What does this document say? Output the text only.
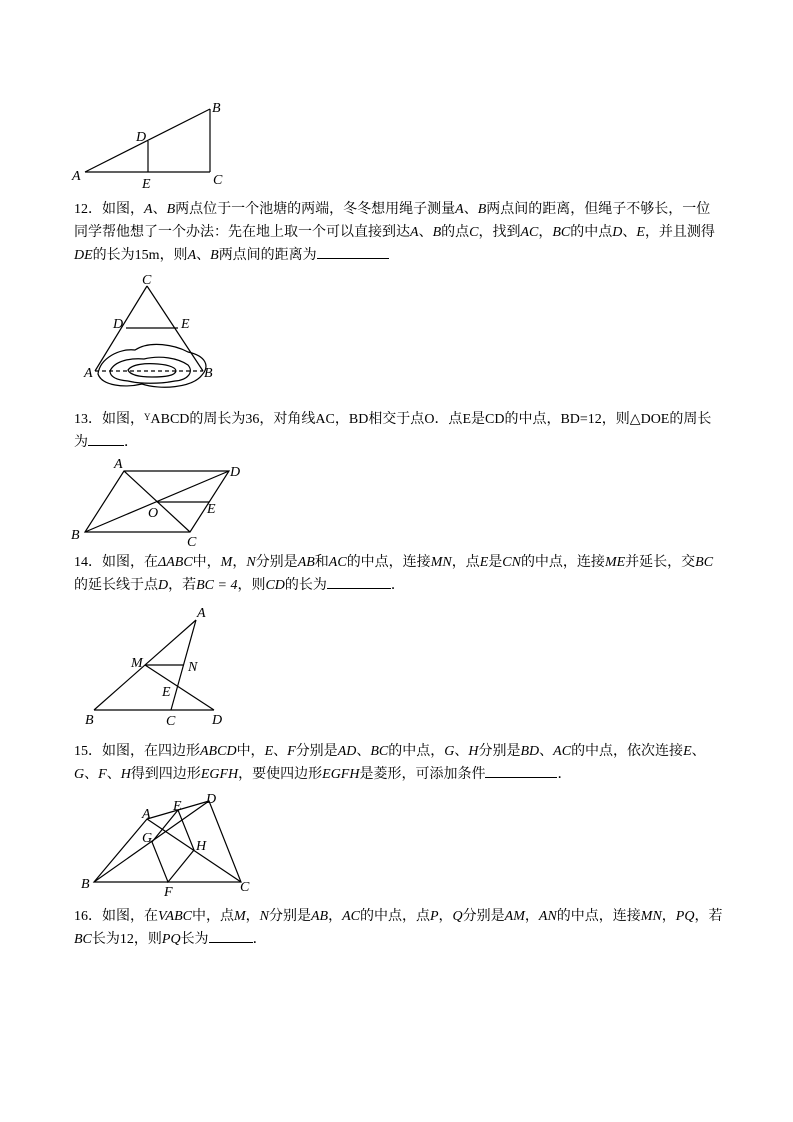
A
B
C
D
E
12．如图，A、B两点位于一个池塘的两端，冬冬想用绳子测量A、B两点间的距离，但绳子不够长，一位同学帮他想了一个办法：先在地上取一个可以直接到达A、B的点C，找到AC，BC的中点D、E，并且测得DE的长为15m，则A、B两点间的距离为
C
D	E
A	B
13．如图，$^Y$ABCD的周长为36，对角线AC，BD相交于点O．点E是CD的中点，BD=12，则△DOE的周长为	．
A
D
B	C
O	E
14．如图，在ΔABC中，M，N分别是AB和AC的中点，连接MN，点E是CN的中点，连接ME并延长，交BC的延长线于点D，若BC = 4，则CD的长为	．
A
M	N
E
B	C	D
15．如图，在四边形ABCD中，E、F分别是AD、BC的中点，G、H分别是BD、AC的中点，依次连接E、G、F、H得到四边形EGFH，要使四边形EGFH是菱形，可添加条件	．
A
E D
G
H
B
F	C
16．如图，在VABC中，点M，N分别是AB，AC的中点，点P，Q分别是AM，AN的中点，连接MN，PQ，若BC长为12，则PQ长为	．
